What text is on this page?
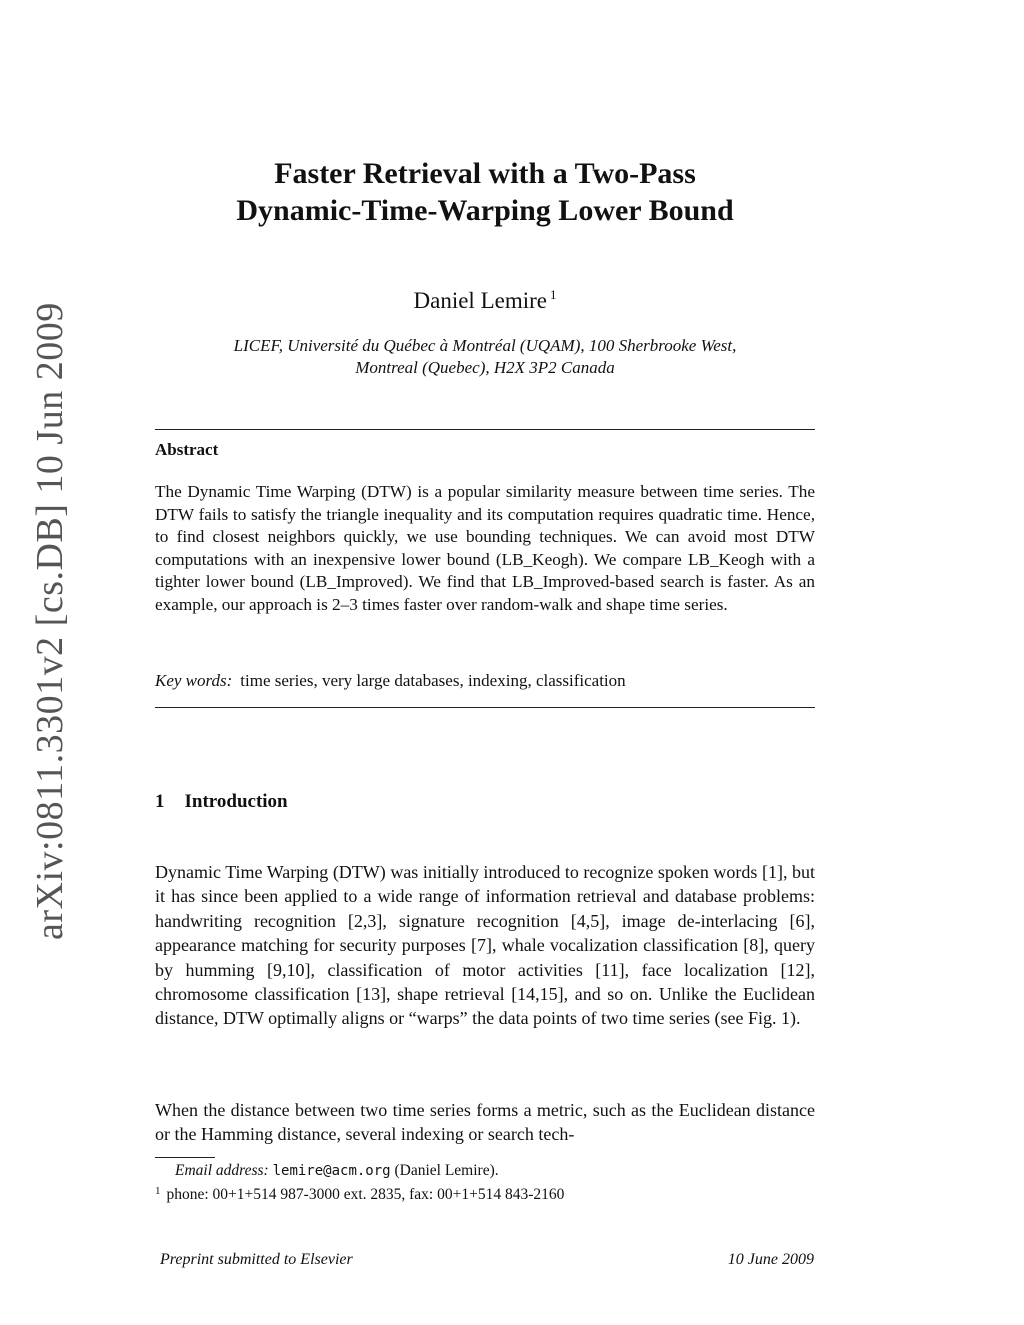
arXiv:0811.3301v2 [cs.DB] 10 Jun 2009
Faster Retrieval with a Two-Pass
Dynamic-Time-Warping Lower Bound
Daniel Lemire $^1$
LICEF, Université du Québec à Montréal (UQAM), 100 Sherbrooke West,
Montreal (Quebec), H2X 3P2 Canada
Abstract
The Dynamic Time Warping (DTW) is a popular similarity measure between time series. The DTW fails to satisfy the triangle inequality and its computation requires quadratic time. Hence, to find closest neighbors quickly, we use bounding techniques. We can avoid most DTW computations with an inexpensive lower bound (LB_Keogh). We compare LB_Keogh with a tighter lower bound (LB_Improved). We find that LB_Improved-based search is faster. As an example, our approach is 2–3 times faster over random-walk and shape time series.
Key words: time series, very large databases, indexing, classification
1 Introduction
Dynamic Time Warping (DTW) was initially introduced to recognize spoken words [1], but it has since been applied to a wide range of information retrieval and database problems: handwriting recognition [2,3], signature recognition [4,5], image de-interlacing [6], appearance matching for security purposes [7], whale vocalization classification [8], query by humming [9,10], classification of motor activities [11], face localization [12], chromosome classification [13], shape retrieval [14,15], and so on. Unlike the Euclidean distance, DTW optimally aligns or “warps” the data points of two time series (see Fig. 1).
When the distance between two time series forms a metric, such as the Euclidean distance or the Hamming distance, several indexing or search tech-
Email address: lemire@acm.org (Daniel Lemire).
$^1$ phone: 00+1+514 987-3000 ext. 2835, fax: 00+1+514 843-2160
Preprint submitted to Elsevier	10 June 2009
